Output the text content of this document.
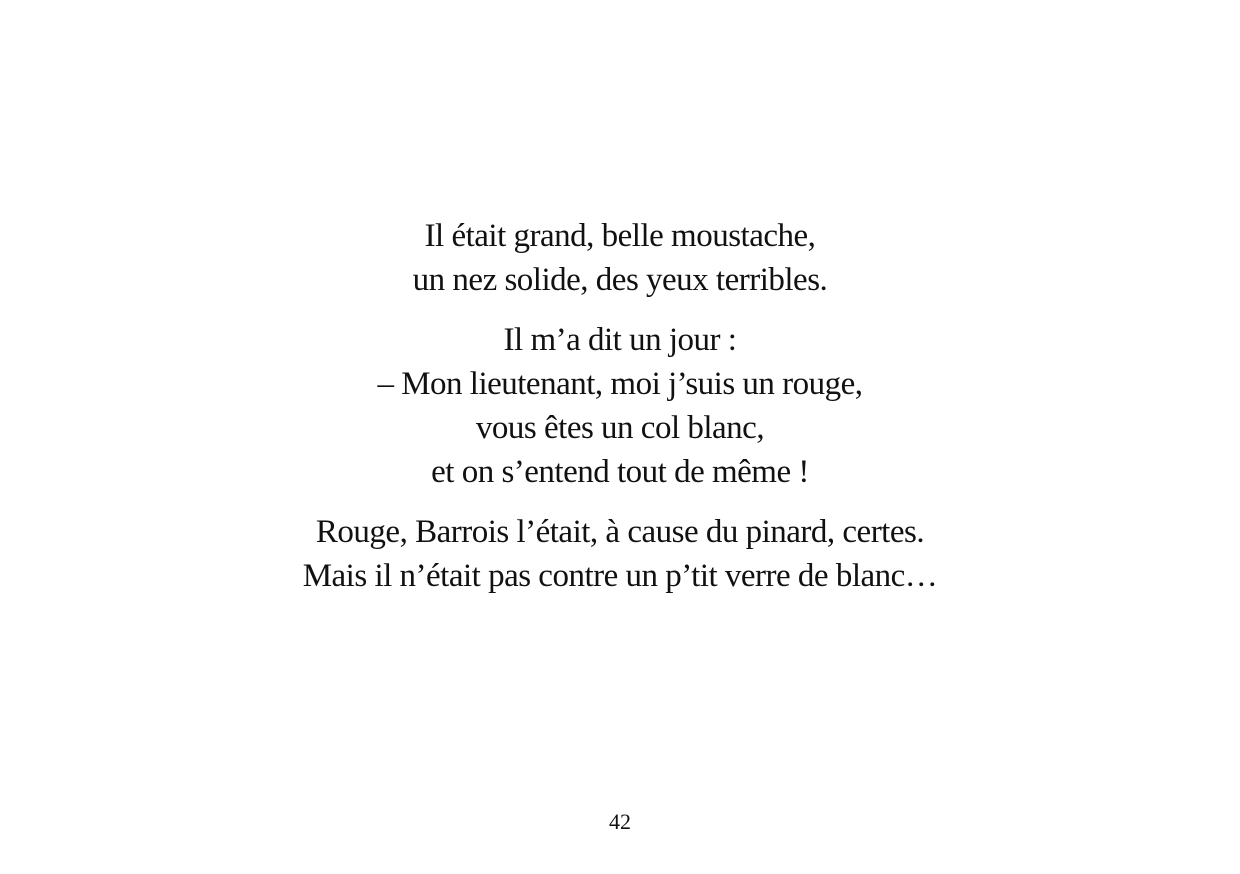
Il était grand, belle moustache,
un nez solide, des yeux terribles.

Il m’a dit un jour :
– Mon lieutenant, moi j’suis un rouge,
vous êtes un col blanc,
et on s’entend tout de même !

Rouge, Barrois l’était, à cause du pinard, certes.
Mais il n’était pas contre un p’tit verre de blanc…

42
